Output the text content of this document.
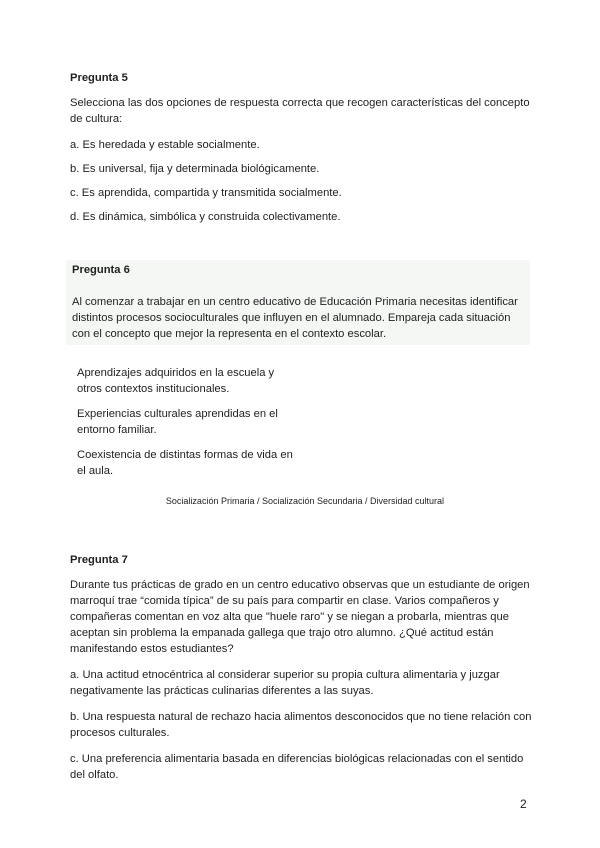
Pregunta 5
Selecciona las dos opciones de respuesta correcta que recogen características del concepto de cultura:
a. Es heredada y estable socialmente.
b. Es universal, fija y determinada biológicamente.
c. Es aprendida, compartida y transmitida socialmente.
d. Es dinámica, simbólica y construida colectivamente.
Pregunta 6
Al comenzar a trabajar en un centro educativo de Educación Primaria necesitas identificar distintos procesos socioculturales que influyen en el alumnado. Empareja cada situación con el concepto que mejor la representa en el contexto escolar.
Aprendizajes adquiridos en la escuela y otros contextos institucionales.
Experiencias culturales aprendidas en el entorno familiar.
Coexistencia de distintas formas de vida en el aula.
Socialización Primaria / Socialización Secundaria / Diversidad cultural
Pregunta 7
Durante tus prácticas de grado en un centro educativo observas que un estudiante de origen marroquí trae “comida típica” de su país para compartir en clase. Varios compañeros y compañeras comentan en voz alta que "huele raro" y se niegan a probarla, mientras que aceptan sin problema la empanada gallega que trajo otro alumno. ¿Qué actitud están manifestando estos estudiantes?
a. Una actitud etnocéntrica al considerar superior su propia cultura alimentaria y juzgar negativamente las prácticas culinarias diferentes a las suyas.
b. Una respuesta natural de rechazo hacia alimentos desconocidos que no tiene relación con procesos culturales.
c. Una preferencia alimentaria basada en diferencias biológicas relacionadas con el sentido del olfato.
2
